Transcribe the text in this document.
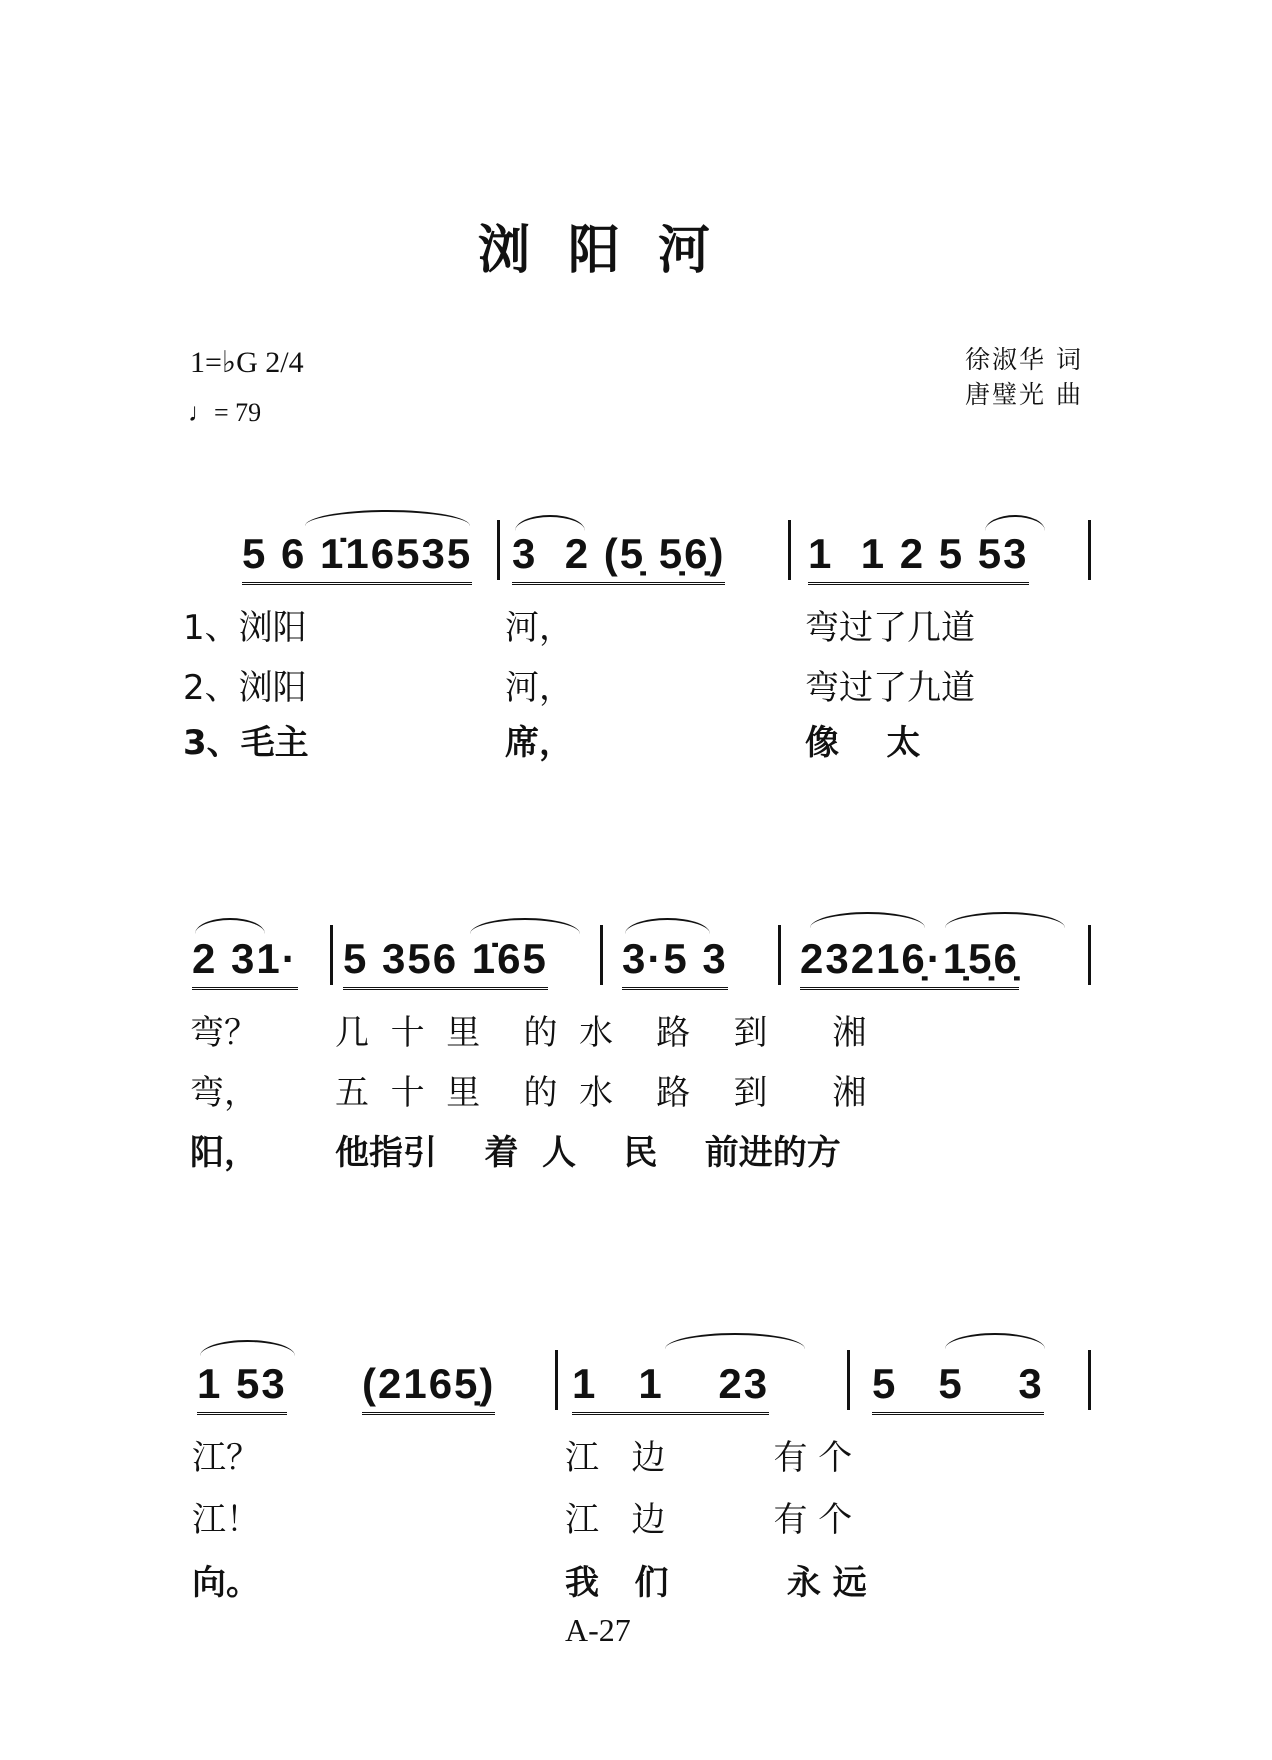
浏阳河
1=♭G 2/4
♩= 79
徐淑华 词
唐璧光 曲
5 6 1̇16535 3  2 (5̣ 5̣6̣) 1  1 2 5 53
1、浏阳	河，	弯过了几道
2、浏阳	河，	弯过了九道
3、毛主	席，	像    太
2 31· 5 356 1̇65 3·5 3 23216̣·1̣5̣6̣
弯？ 几  十  里    的  水    路    到      湘
弯， 五  十  里    的  水    路    到      湘
阳， 他指引    着  人    民    前进的方
1 53 (2165̣) 1   1    23 5   5    3
江？	江   边          有 个
江！	江   边          有 个
向。	我   们          永 远
A-27
